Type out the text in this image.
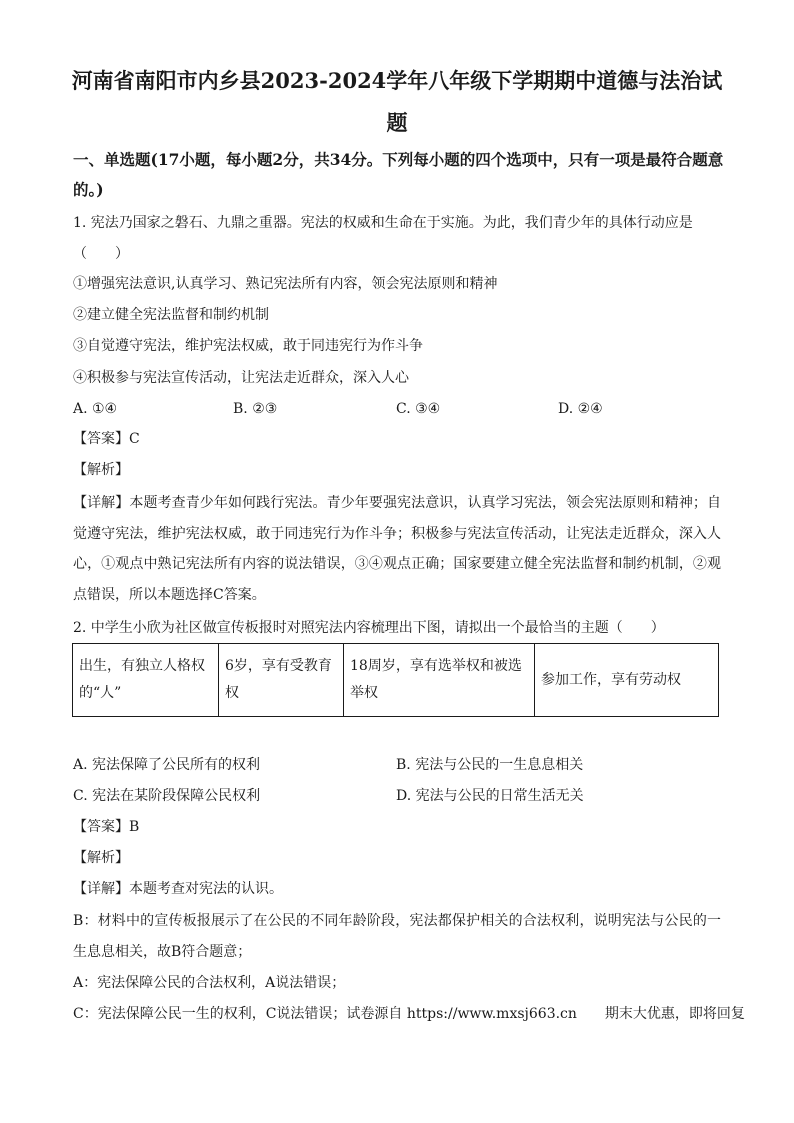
河南省南阳市内乡县2023-2024学年八年级下学期期中道德与法治试
题
一、单选题(17小题，每小题2分，共34分。下列每小题的四个选项中，只有一项是最符合题意的。)
1. 宪法乃国家之磐石、九鼎之重器。宪法的权威和生命在于实施。为此，我们青少年的具体行动应是
（　　）
①增强宪法意识,认真学习、熟记宪法所有内容，领会宪法原则和精神
②建立健全宪法监督和制约机制
③自觉遵守宪法，维护宪法权威，敢于同违宪行为作斗争
④积极参与宪法宣传活动，让宪法走近群众，深入人心
A. ①④	B. ②③	C. ③④	D. ②④
【答案】C
【解析】
【详解】本题考查青少年如何践行宪法。青少年要强宪法意识，认真学习宪法，领会宪法原则和精神；自觉遵守宪法，维护宪法权威，敢于同违宪行为作斗争；积极参与宪法宣传活动，让宪法走近群众，深入人心，①观点中熟记宪法所有内容的说法错误，③④观点正确；国家要建立健全宪法监督和制约机制，②观点错误，所以本题选择C答案。
2. 中学生小欣为社区做宣传板报时对照宪法内容梳理出下图，请拟出一个最恰当的主题（　　）
出生，有独立人格权的“人”	6岁，享有受教育权	18周岁，享有选举权和被选举权	参加工作，享有劳动权
A. 宪法保障了公民所有的权利	B. 宪法与公民的一生息息相关
C. 宪法在某阶段保障公民权利	D. 宪法与公民的日常生活无关
【答案】B
【解析】
【详解】本题考查对宪法的认识。
B：材料中的宣传板报展示了在公民的不同年龄阶段，宪法都保护相关的合法权利，说明宪法与公民的一生息息相关，故B符合题意；
A：宪法保障公民的合法权利，A说法错误；
C：宪法保障公民一生的权利，C说法错误；试卷源自 https://www.mxsj663.cn　　期末大优惠，即将回复
